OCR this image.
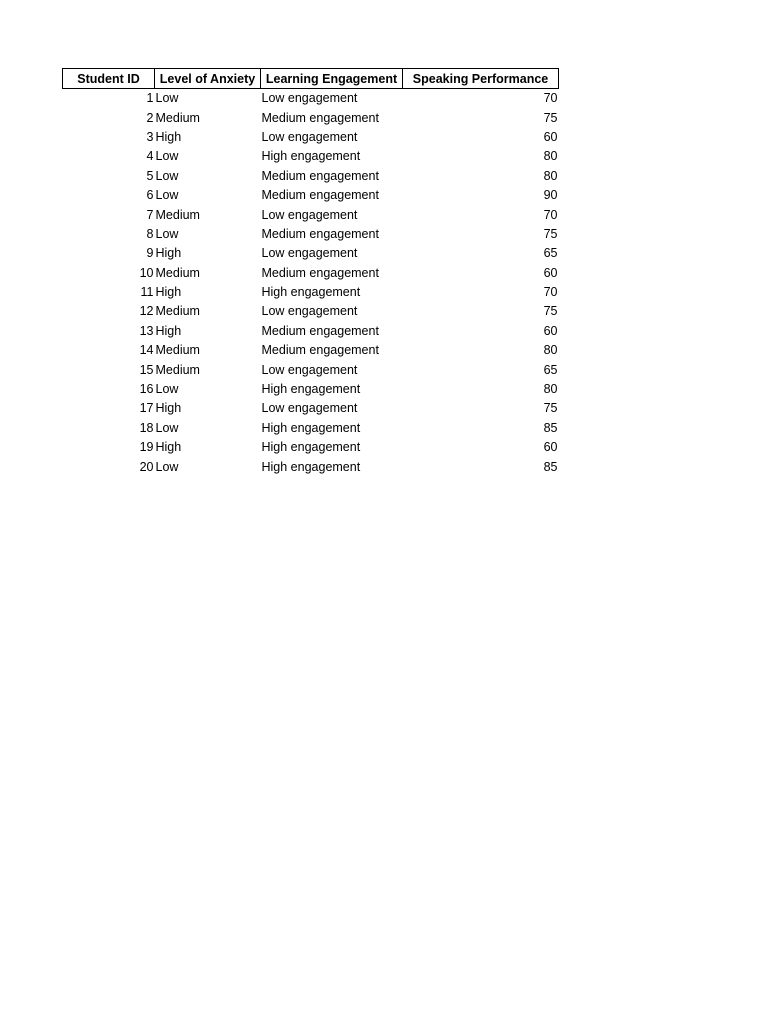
Student ID	Level of Anxiety	Learning Engagement	Speaking Performance
1	Low	Low engagement	70
2	Medium	Medium engagement	75
3	High	Low engagement	60
4	Low	High engagement	80
5	Low	Medium engagement	80
6	Low	Medium engagement	90
7	Medium	Low engagement	70
8	Low	Medium engagement	75
9	High	Low engagement	65
10	Medium	Medium engagement	60
11	High	High engagement	70
12	Medium	Low engagement	75
13	High	Medium engagement	60
14	Medium	Medium engagement	80
15	Medium	Low engagement	65
16	Low	High engagement	80
17	High	Low engagement	75
18	Low	High engagement	85
19	High	High engagement	60
20	Low	High engagement	85
